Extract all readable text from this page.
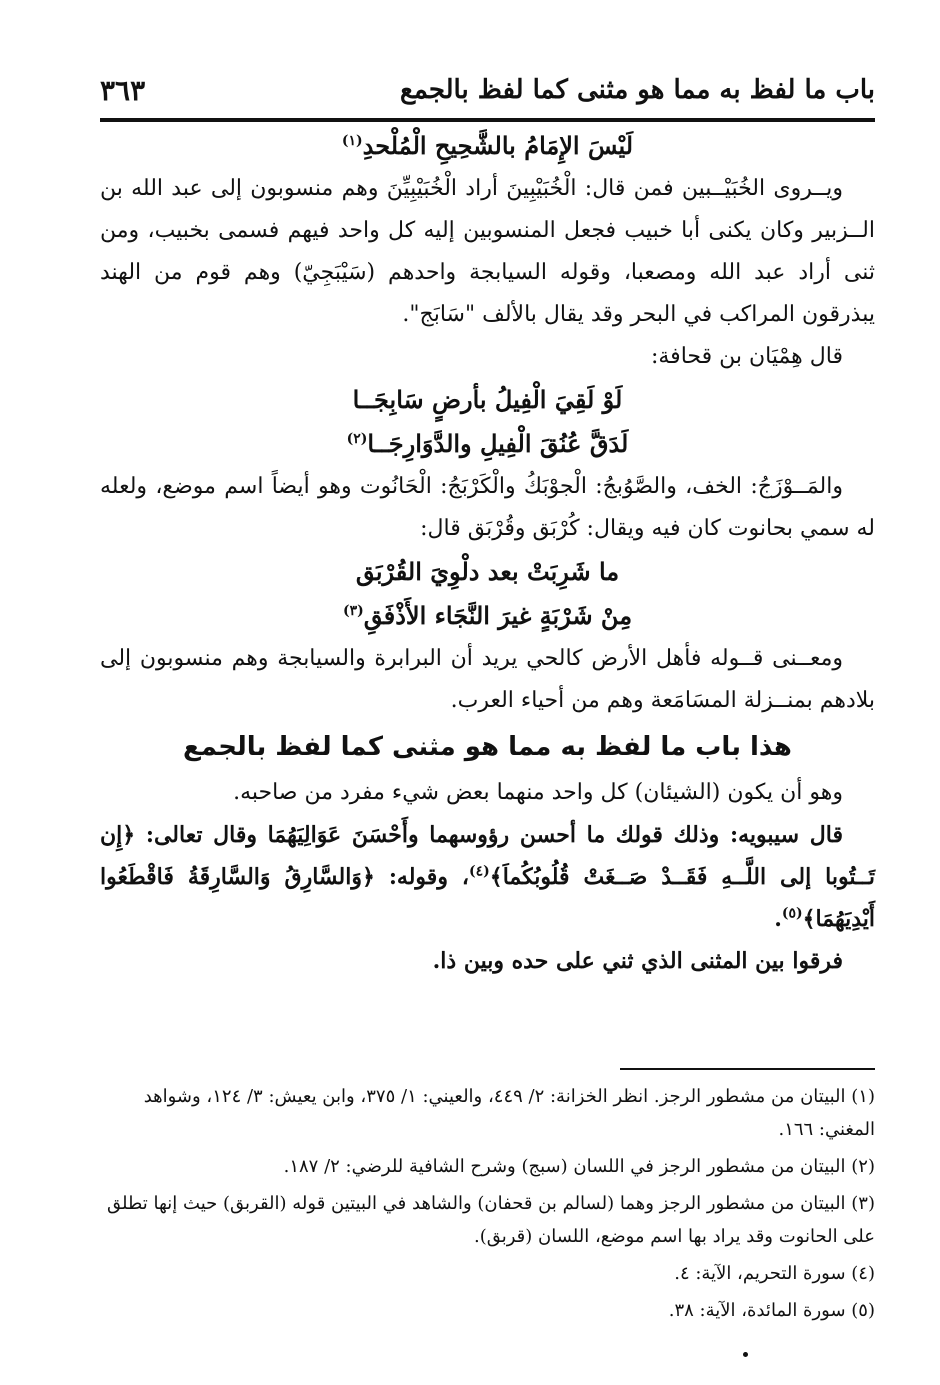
باب ما لفظ به مما هو مثنى كما لفظ بالجمع
٣٦٣

لَيْسَ الإِمَامُ بالشَّحِيحِ الْمُلْحدِ$^{(١)}$

ويــروى الخُبَيْــبين فمن قال: الْخُبَيْبِينَ أراد الْخُبَيْبِيِّنَ وهم منسوبون إلى عبد الله بن الــزبير وكان يكنى أبا خبيب فجعل المنسوبين إليه كل واحد فيهم فسمى بخبيب، ومن ثنى أراد عبد الله ومصعبا، وقوله السيابجة واحدهم (سَيْبَجِيّ) وهم قوم من الهند يبذرقون المراكب في البحر وقد يقال بالألف "سَابَج".

قال هِمْيَان بن قحافة:

لَوْ لَقِيَ الْفِيلُ بأرضٍ سَابِجَــا

لَدَقَّ عُنُقَ الْفِيلِ والدَّوَارِجَــا$^{(٢)}$

والمَــوْزَجُ: الخف، والصَّوُبجُ: الْجوْبَكُ والْكَرْبَجُ: الْحَانُوت وهو أيضاً اسم موضع، ولعله له سمي بحانوت كان فيه ويقال: كُرْبَق وقُرْبَق قال:

ما شَرِبَتْ بعد دلْوِيَ القُرْبَق

مِنْ شَرْبَةٍ غيرَ النَّجَاء الأَذْفَقِ$^{(٣)}$

ومعــنى قــوله فأهل الأرض كالحي يريد أن البرابرة والسيابجة وهم منسوبون إلى بلادهم بمنــزلة المسَامَعة وهم من أحياء العرب.

هذا باب ما لفظ به مما هو مثنى كما لفظ بالجمع

وهو أن يكون (الشيئان) كل واحد منهما بعض شيء مفرد من صاحبه.

قال سيبويه: وذلك قولك ما أحسن رؤوسهما وأَحْسَنَ عَوَالِيَهُمَا وقال تعالى: ﴿إِن تَــتُوبا إلى اللَّــهِ فَقَــدْ صَــغَتْ قُلُوبُكُماَ﴾$^{(٤)}$، وقوله: ﴿وَالسَّارِقُ وَالسَّارِقَةُ فَاقْطَعُوا أَيْدِيَهُمَا﴾$^{(٥)}$.

فرقوا بين المثنى الذي ثني على حده وبين ذا.

(١) البيتان من مشطور الرجز. انظر الخزانة: ٢/ ٤٤٩، والعيني: ١/ ٣٧٥، وابن يعيش: ٣/ ١٢٤، وشواهد المغني: ١٦٦.

(٢) البيتان من مشطور الرجز في اللسان (سبج) وشرح الشافية للرضي: ٢/ ١٨٧.

(٣) البيتان من مشطور الرجز وهما (لسالم بن قحفان) والشاهد في البيتين قوله (القربق) حيث إنها تطلق على الحانوت وقد يراد بها اسم موضع، اللسان (قربق).

(٤) سورة التحريم، الآية: ٤.

(٥) سورة المائدة، الآية: ٣٨.
